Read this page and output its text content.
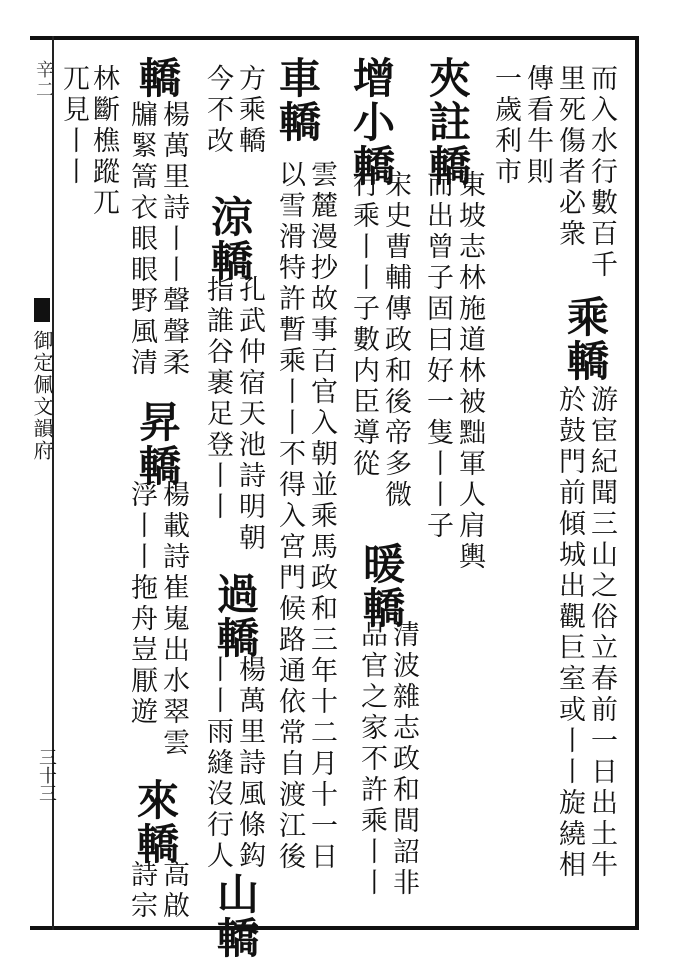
辛二
御定佩文韻府
三十三
而入水行數百千
里死傷者必衆
傳看牛則
一歲利市
乘轎
游宦紀聞三山之俗立春前一日出土牛
於鼓門前傾城出觀巨室或丨丨旋繞相
夾註轎
東坡志林施道林被黜軍人肩輿
而出曾子固曰好一隻丨丨子
增小轎
宋史曹輔傳政和後帝多微
行乘丨丨子數内臣導從
暖轎
清波雜志政和間詔非
品官之家不許乘丨丨
車轎
雲麓漫抄故事百官入朝並乘馬政和三年十二月十一日
以雪滑特許暫乘丨丨不得入宮門候路通依常自渡江後
方乘轎
今不改
涼轎
孔武仲宿天池詩明朝
指誰谷裹足登丨丨
過轎
楊萬里詩風條鈎
丨丨雨縫沒行人
山轎
轎
楊萬里詩丨丨聲聲柔
牖緊篙衣眼眼野風清
昇轎
楊載詩崔嵬出水翠雲
浮丨丨拖舟豈厭遊
來轎
高啟
詩宗
林斷樵蹤兀
兀見丨丨
